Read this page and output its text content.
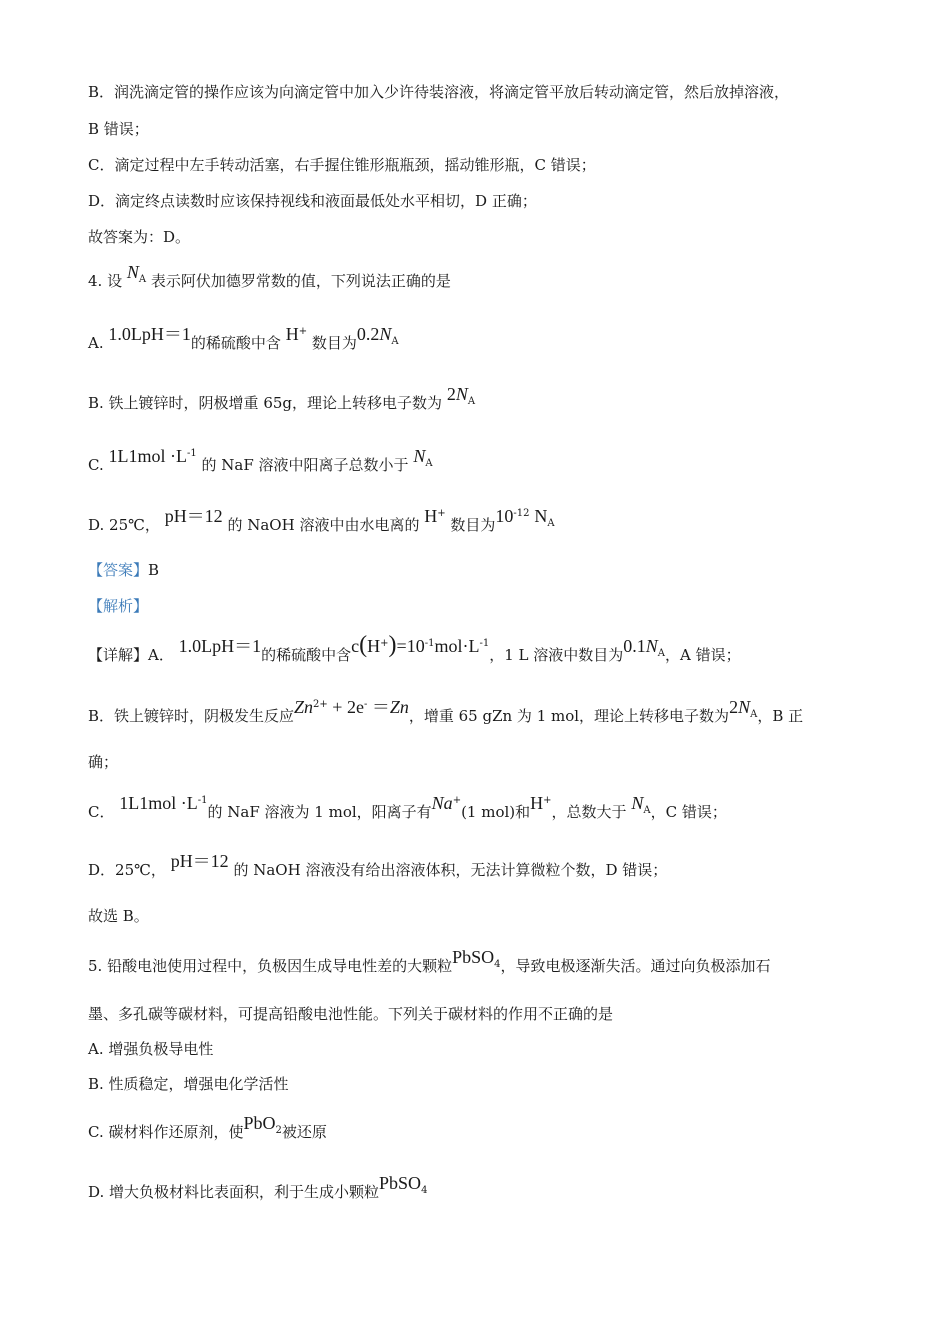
B．润洗滴定管的操作应该为向滴定管中加入少许待装溶液，将滴定管平放后转动滴定管，然后放掉溶液，
B 错误；
C．滴定过程中左手转动活塞，右手握住锥形瓶瓶颈，摇动锥形瓶，C 错误；
D．滴定终点读数时应该保持视线和液面最低处水平相切，D 正确；
故答案为：D。
4. 设 $N_A$ 表示阿伏加德罗常数的值，下列说法正确的是
A. 1.0LpH＝1的稀硫酸中含 H+ 数目为$0.2N_A$
B. 铁上镀锌时，阴极增重 65g，理论上转移电子数为 $2N_A$
C. $1L1mol \cdot L^{-1}$ 的 NaF 溶液中阳离子总数小于 $N_A$
D. 25℃， pH＝12 的 NaOH 溶液中由水电离的 H+ 数目为$10^{-12}$ $N_A$
【答案】B
【解析】
【详解】A． 1.0LpH＝1的稀硫酸中含$c(H^+)=10^{-1}mol\cdot L^{-1}$，1 L 溶液中数目为$0.1N_A$，A 错误；
B．铁上镀锌时，阴极发生反应$Zn^{2+} + 2e^- =Zn$，增重 65 gZn 为 1 mol，理论上转移电子数为$2N_A$，B 正
确；
C． $1L1mol \cdot L^{-1}$的 NaF 溶液为 1 mol，阳离子有Na+(1 mol)和H+，总数大于 $N_A$，C 错误；
D．25℃， pH＝12 的 NaOH 溶液没有给出溶液体积，无法计算微粒个数，D 错误；
故选 B。
5. 铅酸电池使用过程中，负极因生成导电性差的大颗粒PbSO$_4$，导致电极逐渐失活。通过向负极添加石
墨、多孔碳等碳材料，可提高铅酸电池性能。下列关于碳材料的作用不正确的是
A. 增强负极导电性
B. 性质稳定，增强电化学活性
C. 碳材料作还原剂，使PbO$_2$被还原
D. 增大负极材料比表面积，利于生成小颗粒PbSO$_4$
